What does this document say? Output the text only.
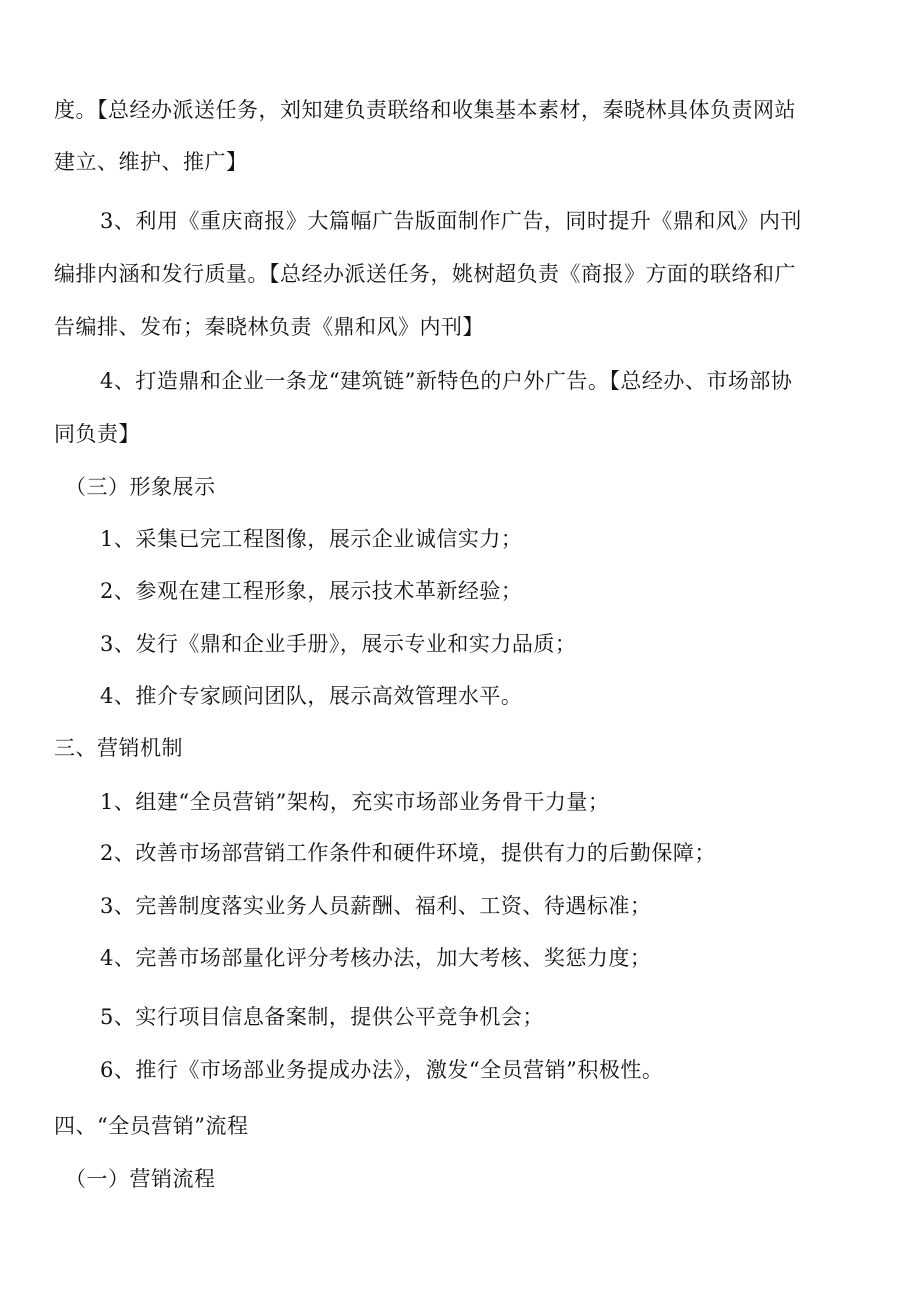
度。【总经办派送任务，刘知建负责联络和收集基本素材，秦晓林具体负责网站
建立、维护、推广】
3、利用《重庆商报》大篇幅广告版面制作广告，同时提升《鼎和风》内刊
编排内涵和发行质量。【总经办派送任务，姚树超负责《商报》方面的联络和广
告编排、发布；秦晓林负责《鼎和风》内刊】
4、打造鼎和企业一条龙“建筑链”新特色的户外广告。【总经办、市场部协
同负责】
（三）形象展示
1、采集已完工程图像，展示企业诚信实力；
2、参观在建工程形象，展示技术革新经验；
3、发行《鼎和企业手册》，展示专业和实力品质；
4、推介专家顾问团队，展示高效管理水平。
三、营销机制
1、组建“全员营销”架构，充实市场部业务骨干力量；
2、改善市场部营销工作条件和硬件环境，提供有力的后勤保障；
3、完善制度落实业务人员薪酬、福利、工资、待遇标准；
4、完善市场部量化评分考核办法，加大考核、奖惩力度；
5、实行项目信息备案制，提供公平竞争机会；
6、推行《市场部业务提成办法》，激发“全员营销”积极性。
四、“全员营销”流程
（一）营销流程
